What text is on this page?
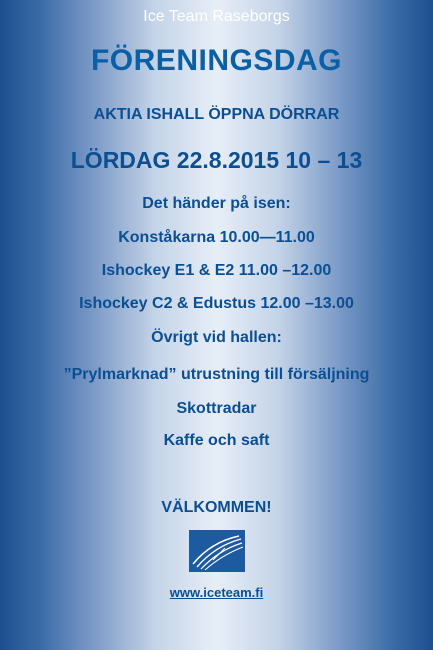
Ice Team Raseborgs
FÖRENINGSDAG
AKTIA ISHALL ÖPPNA DÖRRAR
LÖRDAG 22.8.2015 10 – 13
Det händer på isen:
Konståkarna 10.00—11.00
Ishockey E1 & E2 11.00 –12.00
Ishockey C2 & Edustus 12.00 –13.00
Övrigt vid hallen:
”Prylmarknad” utrustning till försäljning
Skottradar
Kaffe och saft
VÄLKOMMEN!
www.iceteam.fi
